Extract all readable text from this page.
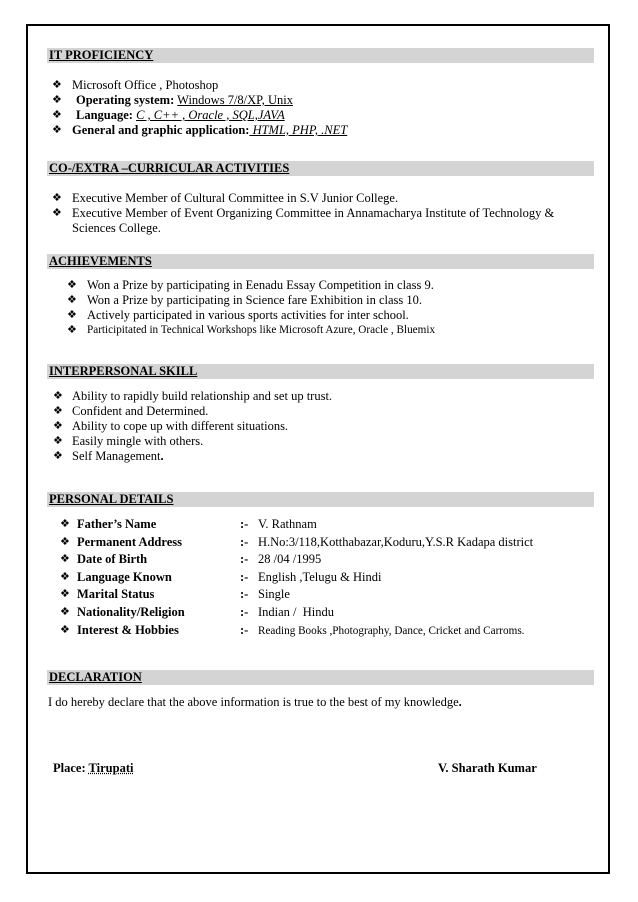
IT PROFICIENCY
❖ Microsoft Office , Photoshop
❖ Operating system: Windows 7/8/XP, Unix
❖ Language: C , C++ , Oracle , SQL,JAVA
❖ General and graphic application: HTML, PHP, .NET
CO-/EXTRA –CURRICULAR ACTIVITIES
❖ Executive Member of Cultural Committee in S.V Junior College.
❖ Executive Member of Event Organizing Committee in Annamacharya Institute of Technology &
Sciences College.
ACHIEVEMENTS
❖ Won a Prize by participating in Eenadu Essay Competition in class 9.
❖ Won a Prize by participating in Science fare Exhibition in class 10.
❖ Actively participated in various sports activities for inter school.
❖ Participitated in Technical Workshops like Microsoft Azure, Oracle , Bluemix
INTERPERSONAL SKILL
❖ Ability to rapidly build relationship and set up trust.
❖ Confident and Determined.
❖ Ability to cope up with different situations.
❖ Easily mingle with others.
❖ Self Management.
PERSONAL DETAILS
❖ Father’s Name	:- V. Rathnam
❖ Permanent Address	:- H.No:3/118,Kotthabazar,Koduru,Y.S.R Kadapa district
❖ Date of Birth	:- 28 /04 /1995
❖ Language Known	:- English ,Telugu & Hindi
❖ Marital Status	:- Single
❖ Nationality/Religion	:- Indian /  Hindu
❖ Interest & Hobbies	:- Reading Books ,Photography, Dance, Cricket and Carroms.
DECLARATION
I do hereby declare that the above information is true to the best of my knowledge.
Place: Tirupati	V. Sharath Kumar
